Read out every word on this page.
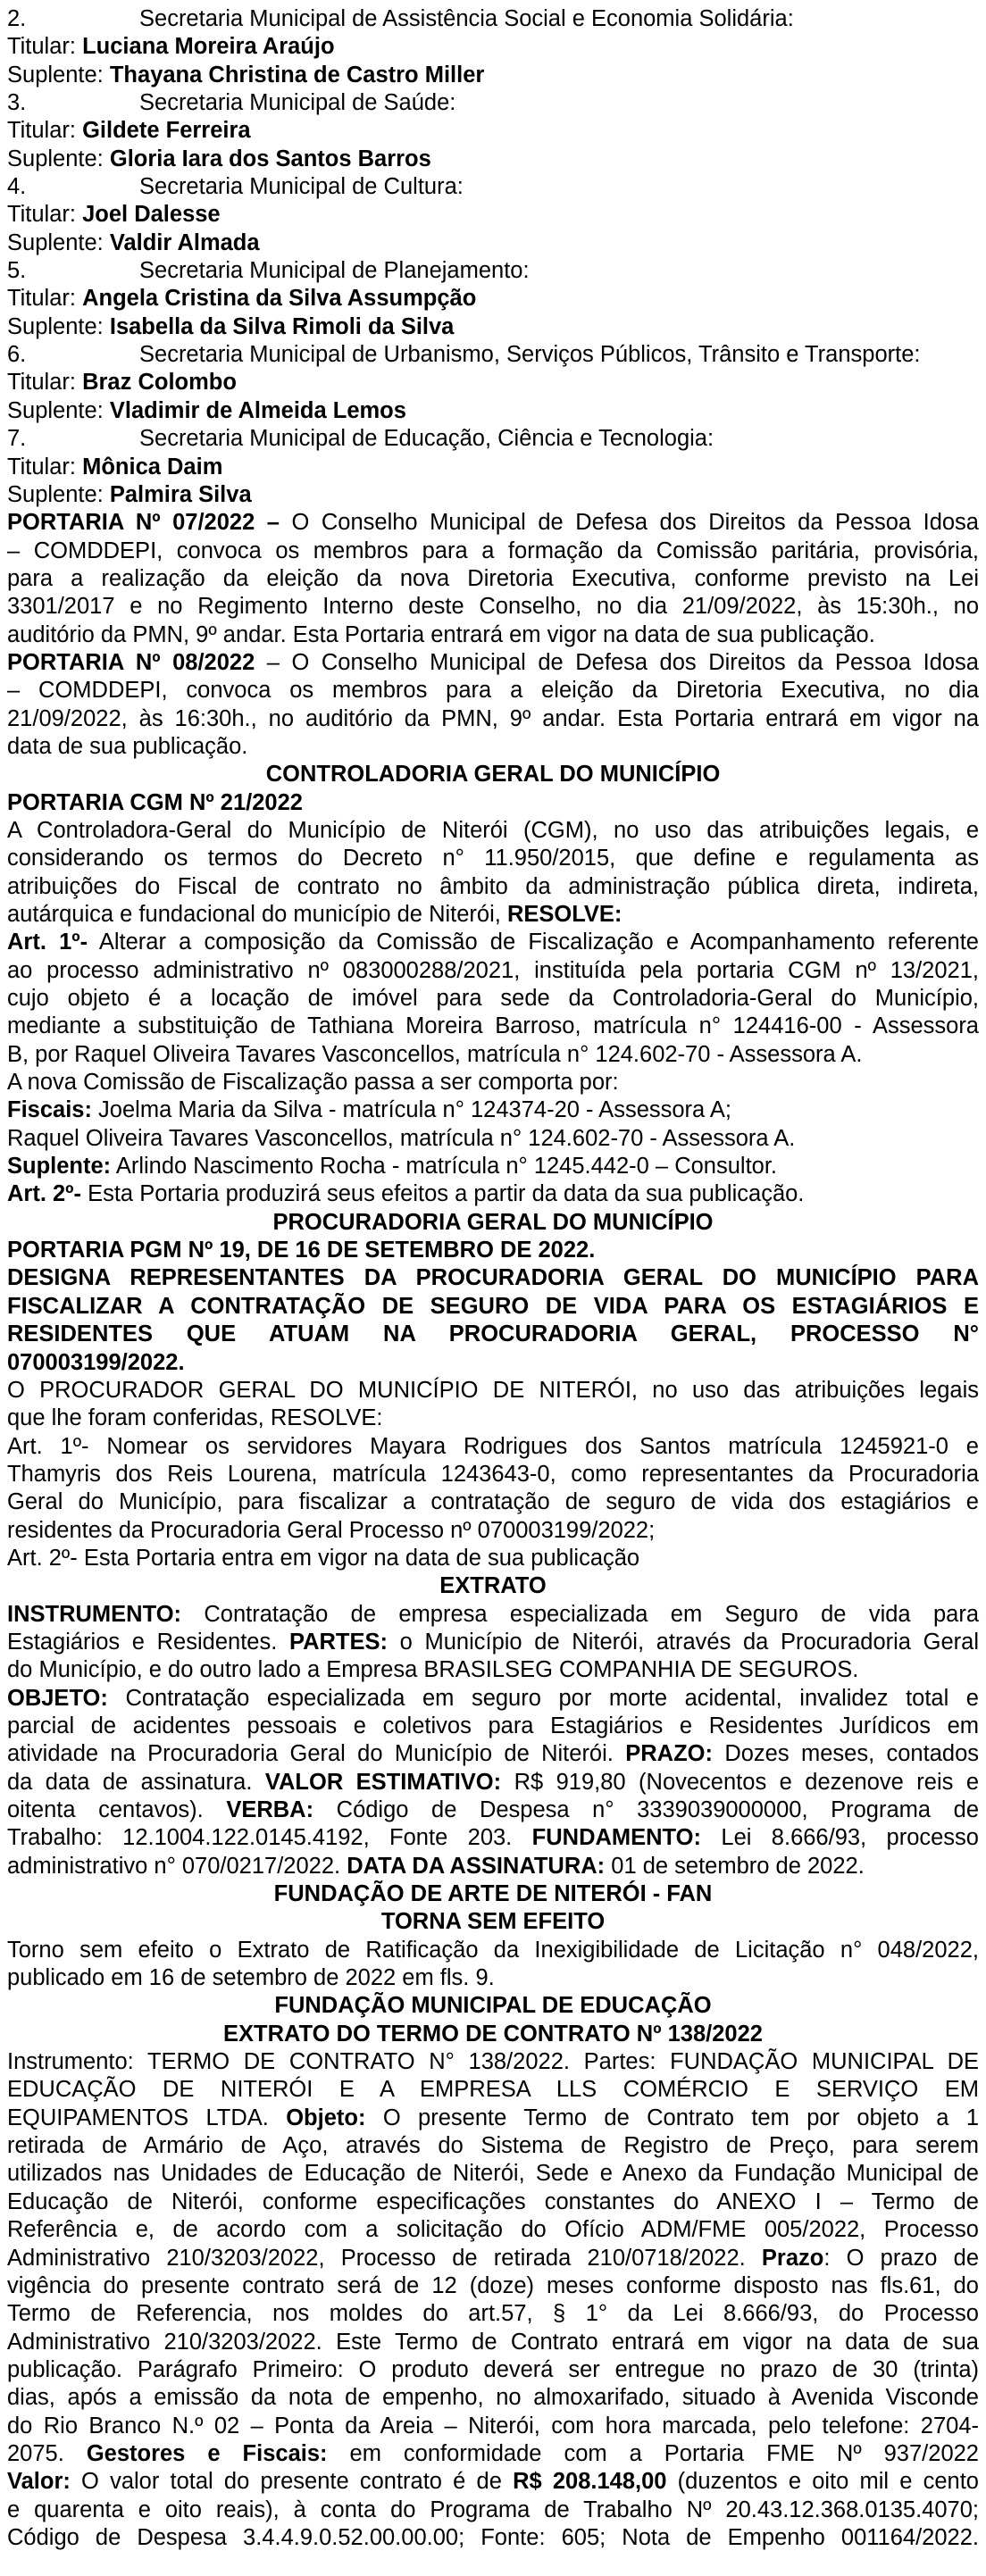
2.	Secretaria Municipal de Assistência Social e Economia Solidária:
Titular: Luciana Moreira Araújo
Suplente: Thayana Christina de Castro Miller
3.	Secretaria Municipal de Saúde:
Titular: Gildete Ferreira
Suplente: Gloria Iara dos Santos Barros
4.	Secretaria Municipal de Cultura:
Titular: Joel Dalesse
Suplente: Valdir Almada
5.	Secretaria Municipal de Planejamento:
Titular: Angela Cristina da Silva Assumpção
Suplente: Isabella da Silva Rimoli da Silva
6.	Secretaria Municipal de Urbanismo, Serviços Públicos, Trânsito e Transporte:
Titular: Braz Colombo
Suplente: Vladimir de Almeida Lemos
7.	Secretaria Municipal de Educação, Ciência e Tecnologia:
Titular: Mônica Daim
Suplente: Palmira Silva
PORTARIA Nº 07/2022 – O Conselho Municipal de Defesa dos Direitos da Pessoa Idosa
– COMDDEPI, convoca os membros para a formação da Comissão paritária, provisória,
para a realização da eleição da nova Diretoria Executiva, conforme previsto na Lei
3301/2017 e no Regimento Interno deste Conselho, no dia 21/09/2022, às 15:30h., no
auditório da PMN, 9º andar. Esta Portaria entrará em vigor na data de sua publicação.
PORTARIA Nº 08/2022 – O Conselho Municipal de Defesa dos Direitos da Pessoa Idosa
– COMDDEPI, convoca os membros para a eleição da Diretoria Executiva, no dia
21/09/2022, às 16:30h., no auditório da PMN, 9º andar. Esta Portaria entrará em vigor na
data de sua publicação.
CONTROLADORIA GERAL DO MUNICÍPIO
PORTARIA CGM Nº 21/2022
A Controladora-Geral do Município de Niterói (CGM), no uso das atribuições legais, e
considerando os termos do Decreto n° 11.950/2015, que define e regulamenta as
atribuições do Fiscal de contrato no âmbito da administração pública direta, indireta,
autárquica e fundacional do município de Niterói, RESOLVE:
Art. 1º- Alterar a composição da Comissão de Fiscalização e Acompanhamento referente
ao processo administrativo nº 083000288/2021, instituída pela portaria CGM nº 13/2021,
cujo objeto é a locação de imóvel para sede da Controladoria-Geral do Município,
mediante a substituição de Tathiana Moreira Barroso, matrícula n° 124416-00 - Assessora
B, por Raquel Oliveira Tavares Vasconcellos, matrícula n° 124.602-70 - Assessora A.
A nova Comissão de Fiscalização passa a ser comporta por:
Fiscais: Joelma Maria da Silva - matrícula n° 124374-20 - Assessora A;
Raquel Oliveira Tavares Vasconcellos, matrícula n° 124.602-70 - Assessora A.
Suplente: Arlindo Nascimento Rocha - matrícula n° 1245.442-0 – Consultor.
Art. 2º- Esta Portaria produzirá seus efeitos a partir da data da sua publicação.
PROCURADORIA GERAL DO MUNICÍPIO
PORTARIA PGM Nº 19, DE 16 DE SETEMBRO DE 2022.
DESIGNA REPRESENTANTES DA PROCURADORIA GERAL DO MUNICÍPIO PARA
FISCALIZAR A CONTRATAÇÃO DE SEGURO DE VIDA PARA OS ESTAGIÁRIOS E
RESIDENTES QUE ATUAM NA PROCURADORIA GERAL, PROCESSO N°
070003199/2022.
O PROCURADOR GERAL DO MUNICÍPIO DE NITERÓI, no uso das atribuições legais
que lhe foram conferidas, RESOLVE:
Art. 1º- Nomear os servidores Mayara Rodrigues dos Santos matrícula 1245921-0 e
Thamyris dos Reis Lourena, matrícula 1243643-0, como representantes da Procuradoria
Geral do Município, para fiscalizar a contratação de seguro de vida dos estagiários e
residentes da Procuradoria Geral Processo nº 070003199/2022;
Art. 2º- Esta Portaria entra em vigor na data de sua publicação
EXTRATO
INSTRUMENTO: Contratação de empresa especializada em Seguro de vida para
Estagiários e Residentes. PARTES: o Município de Niterói, através da Procuradoria Geral
do Município, e do outro lado a Empresa BRASILSEG COMPANHIA DE SEGUROS.
OBJETO: Contratação especializada em seguro por morte acidental, invalidez total e
parcial de acidentes pessoais e coletivos para Estagiários e Residentes Jurídicos em
atividade na Procuradoria Geral do Município de Niterói. PRAZO: Dozes meses, contados
da data de assinatura. VALOR ESTIMATIVO: R$ 919,80 (Novecentos e dezenove reis e
oitenta centavos). VERBA: Código de Despesa n° 3339039000000, Programa de
Trabalho: 12.1004.122.0145.4192, Fonte 203. FUNDAMENTO: Lei 8.666/93, processo
administrativo n° 070/0217/2022. DATA DA ASSINATURA: 01 de setembro de 2022.
FUNDAÇÃO DE ARTE DE NITERÓI - FAN
TORNA SEM EFEITO
Torno sem efeito o Extrato de Ratificação da Inexigibilidade de Licitação n° 048/2022,
publicado em 16 de setembro de 2022 em fls. 9.
FUNDAÇÃO MUNICIPAL DE EDUCAÇÃO
EXTRATO DO TERMO DE CONTRATO Nº 138/2022
Instrumento: TERMO DE CONTRATO N° 138/2022. Partes: FUNDAÇÃO MUNICIPAL DE
EDUCAÇÃO DE NITERÓI E A EMPRESA LLS COMÉRCIO E SERVIÇO EM
EQUIPAMENTOS LTDA. Objeto: O presente Termo de Contrato tem por objeto a 1
retirada de Armário de Aço, através do Sistema de Registro de Preço, para serem
utilizados nas Unidades de Educação de Niterói, Sede e Anexo da Fundação Municipal de
Educação de Niterói, conforme especificações constantes do ANEXO I – Termo de
Referência e, de acordo com a solicitação do Ofício ADM/FME 005/2022, Processo
Administrativo 210/3203/2022, Processo de retirada 210/0718/2022. Prazo: O prazo de
vigência do presente contrato será de 12 (doze) meses conforme disposto nas fls.61, do
Termo de Referencia, nos moldes do art.57, § 1° da Lei 8.666/93, do Processo
Administrativo 210/3203/2022. Este Termo de Contrato entrará em vigor na data de sua
publicação. Parágrafo Primeiro: O produto deverá ser entregue no prazo de 30 (trinta)
dias, após a emissão da nota de empenho, no almoxarifado, situado à Avenida Visconde
do Rio Branco N.º 02 – Ponta da Areia – Niterói, com hora marcada, pelo telefone: 2704-
2075. Gestores e Fiscais: em conformidade com a Portaria FME Nº 937/2022
Valor: O valor total do presente contrato é de R$ 208.148,00 (duzentos e oito mil e cento
e quarenta e oito reais), à conta do Programa de Trabalho Nº 20.43.12.368.0135.4070;
Código de Despesa 3.4.4.9.0.52.00.00.00; Fonte: 605; Nota de Empenho 001164/2022.
